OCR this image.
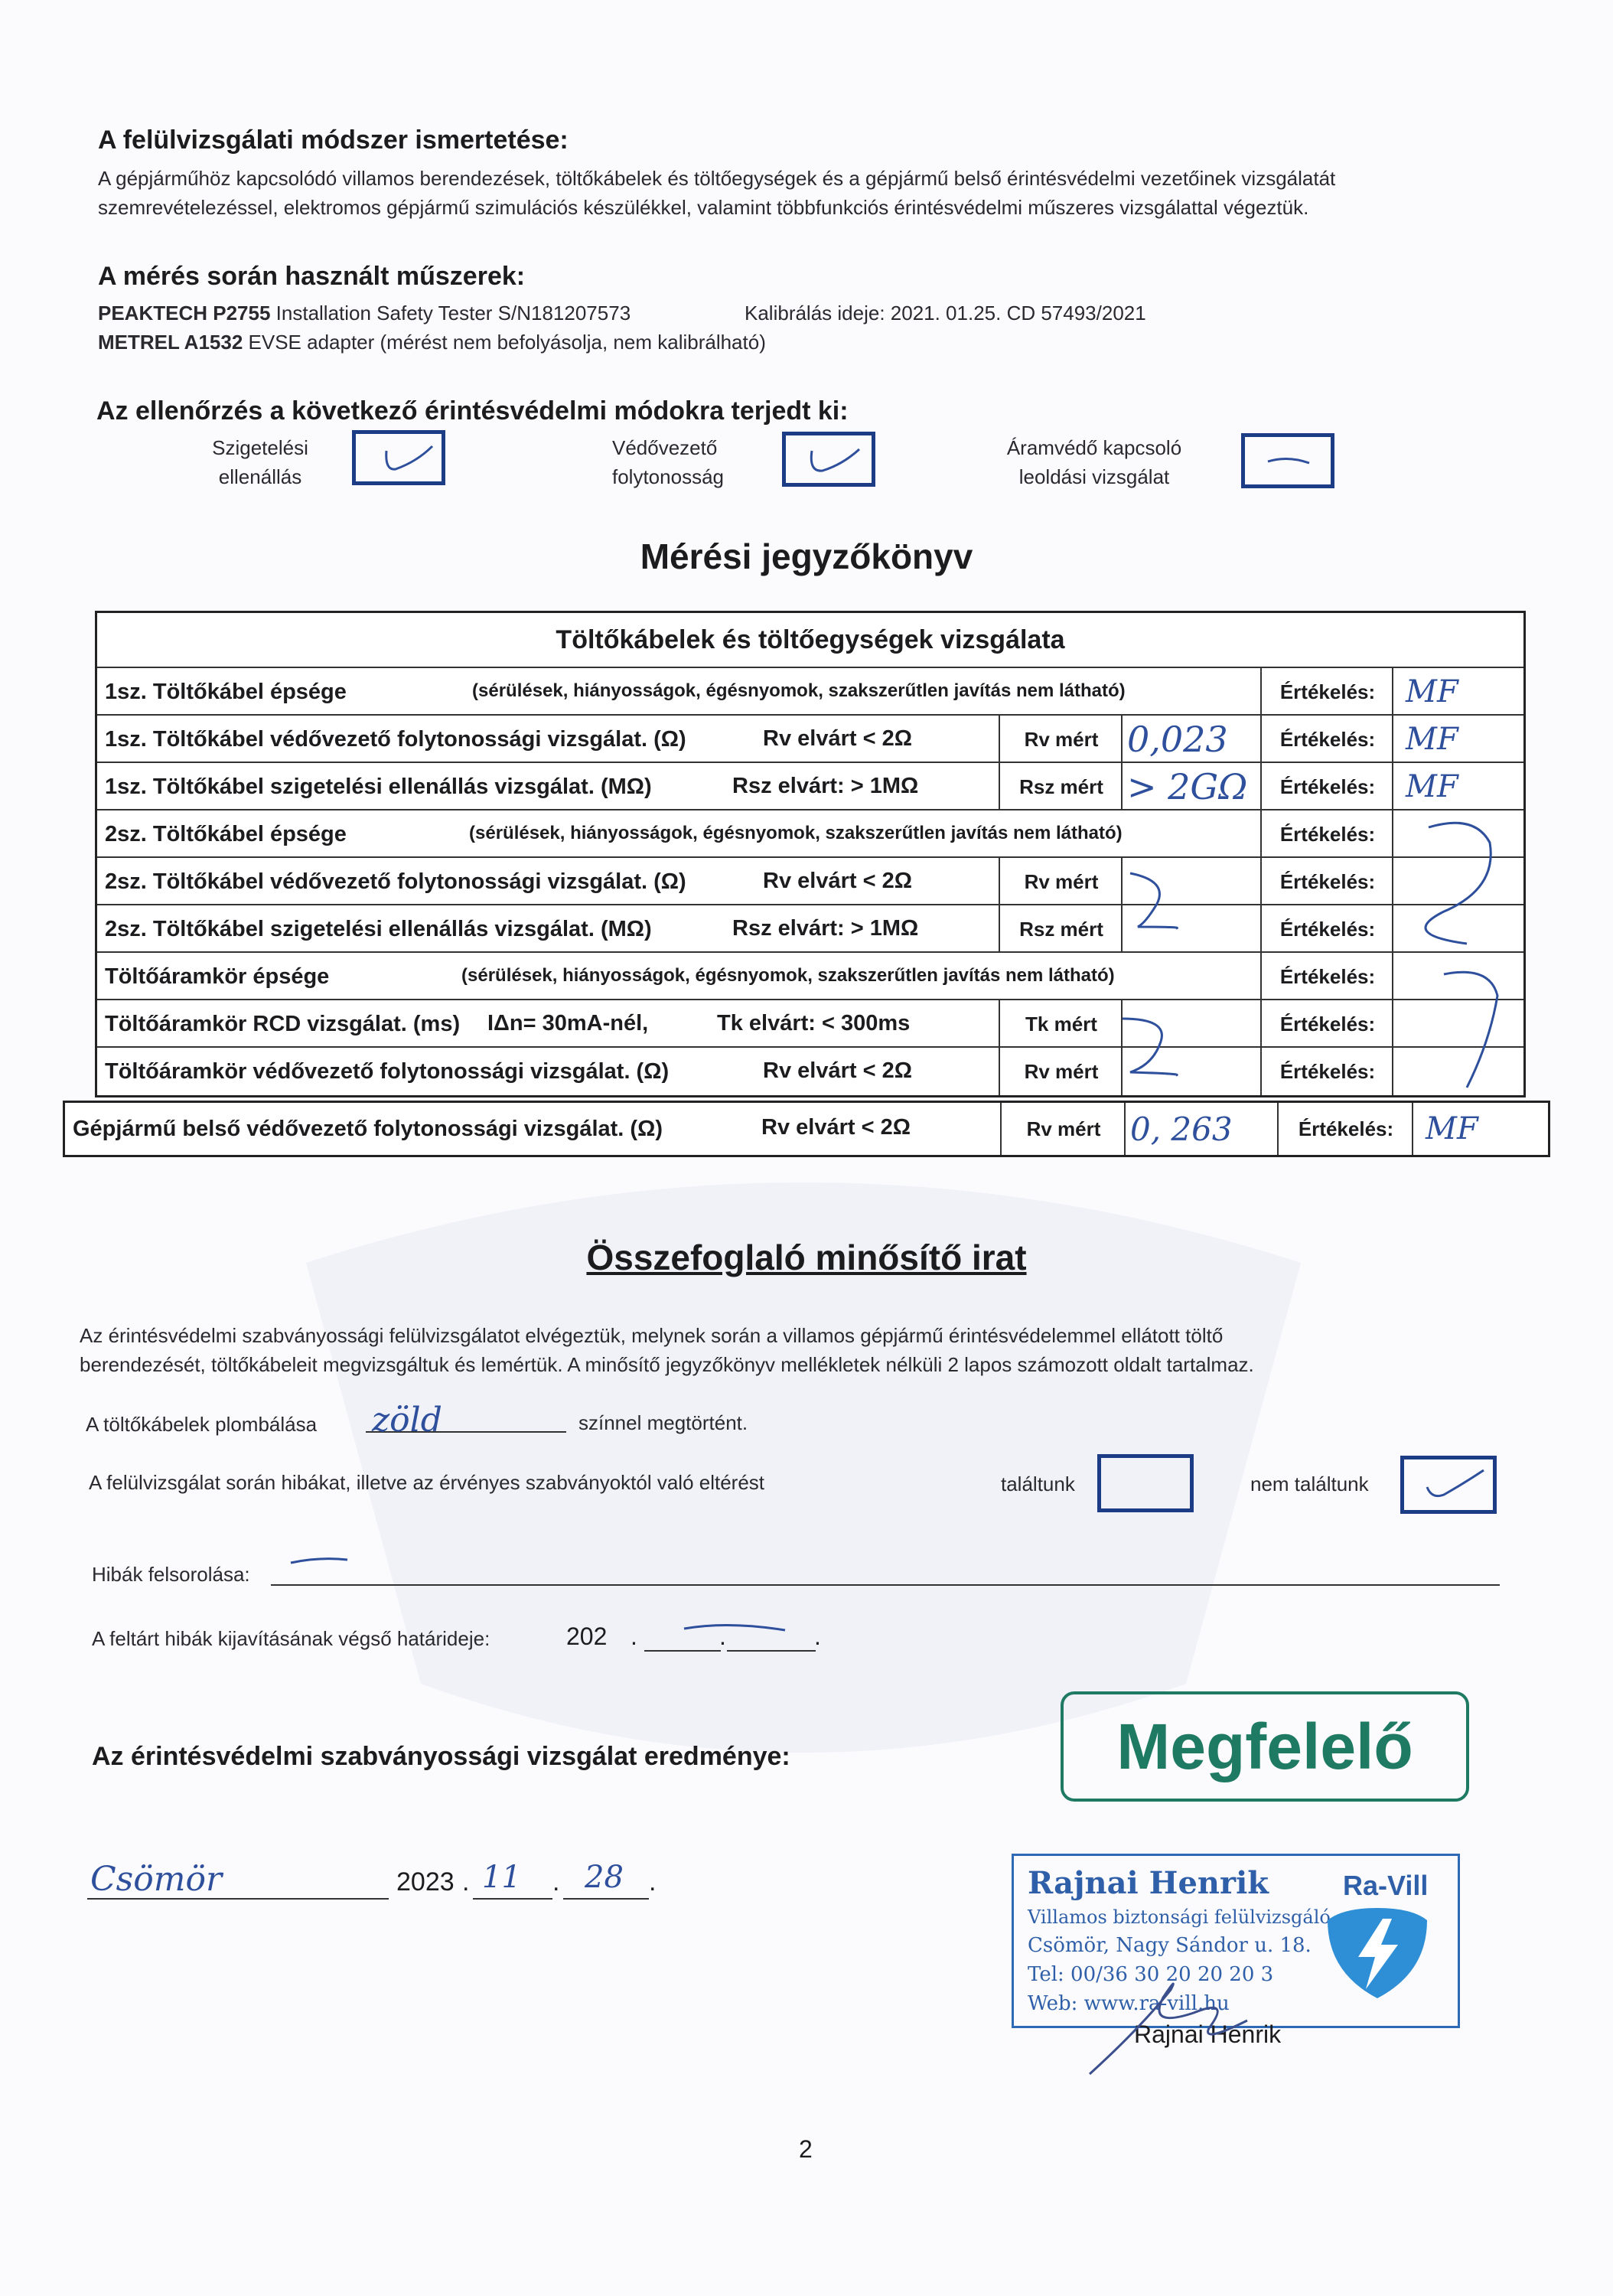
A felülvizsgálati módszer ismertetése:
A gépjárműhöz kapcsolódó villamos berendezések, töltőkábelek és töltőegységek és a gépjármű belső érintésvédelmi vezetőinek vizsgálatát
szemrevételezéssel, elektromos gépjármű szimulációs készülékkel, valamint többfunkciós érintésvédelmi műszeres vizsgálattal végeztük.
A mérés során használt műszerek:
PEAKTECH P2755 Installation Safety Tester S/N181207573	Kalibrálás ideje: 2021. 01.25. CD 57493/2021
METREL A1532 EVSE adapter (mérést nem befolyásolja, nem kalibrálható)
Az ellenőrzés a következő érintésvédelmi módokra terjedt ki:
Szigetelési
ellenállás
Védővezető
folytonosság
Áramvédő kapcsoló
leoldási vizsgálat
Mérési jegyzőkönyv
Töltőkábelek és töltőegységek vizsgálata
1sz. Töltőkábel épsége	(sérülések, hiányosságok, égésnyomok, szakszerűtlen javítás nem látható)	Értékelés: MF
1sz. Töltőkábel védővezető folytonossági vizsgálat. (Ω)	Rv elvárt < 2Ω	Rv mért 0,023	Értékelés: MF
1sz. Töltőkábel szigetelési ellenállás vizsgálat. (MΩ)	Rsz elvárt: > 1MΩ	Rsz mért > 2GΩ	Értékelés: MF
2sz. Töltőkábel épsége	(sérülések, hiányosságok, égésnyomok, szakszerűtlen javítás nem látható)	Értékelés:
2sz. Töltőkábel védővezető folytonossági vizsgálat. (Ω)	Rv elvárt < 2Ω	Rv mért	Értékelés:
2sz. Töltőkábel szigetelési ellenállás vizsgálat. (MΩ)	Rsz elvárt: > 1MΩ	Rsz mért	Értékelés:
Töltőáramkör épsége	(sérülések, hiányosságok, égésnyomok, szakszerűtlen javítás nem látható)	Értékelés:
Töltőáramkör RCD vizsgálat. (ms)	IΔn= 30mA-nél,	Tk elvárt: < 300ms	Tk mért	Értékelés:
Töltőáramkör védővezető folytonossági vizsgálat. (Ω)	Rv elvárt < 2Ω	Rv mért	Értékelés:
Gépjármű belső védővezető folytonossági vizsgálat. (Ω)	Rv elvárt < 2Ω	Rv mért 0, 263	Értékelés:	MF
Összefoglaló minősítő irat
Az érintésvédelmi szabványossági felülvizsgálatot elvégeztük, melynek során a villamos gépjármű érintésvédelemmel ellátott töltő
berendezését, töltőkábeleit megvizsgáltuk és lemértük. A minősítő jegyzőkönyv mellékletek nélküli 2 lapos számozott oldalt tartalmaz.
A töltőkábelek plombálása zöld	színnel megtörtént.
A felülvizsgálat során hibákat, illetve az érvényes szabványoktól való eltérést	találtunk	nem találtunk
Hibák felsorolása:
A feltárt hibák kijavításának végső határideje:	202 .	.	.
Az érintésvédelmi szabványossági vizsgálat eredménye:	Megfelelő
Csömör	2023 . 11 . 28 .	Rajnai Henrik	Ra-Vill
Villamos biztonsági felülvizsgáló
Csömör, Nagy Sándor u. 18.
Tel: 00/36 30 20 20 20 3
Web: www.ra-vill.hu
Rajnai Henrik
2
